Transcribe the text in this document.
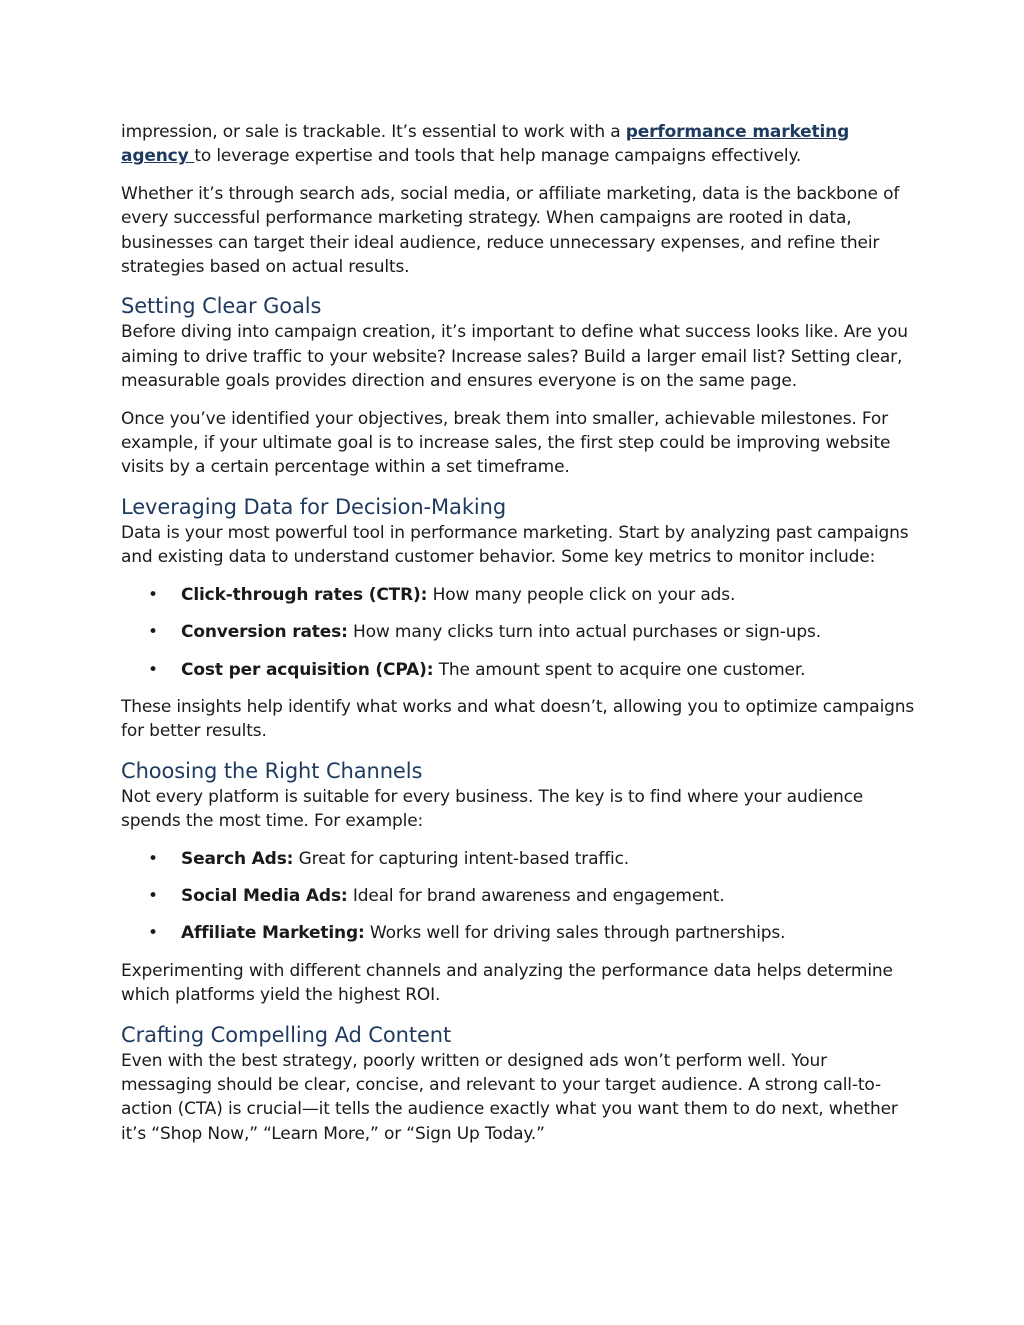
impression, or sale is trackable. It’s essential to work with a performance marketing agency to leverage expertise and tools that help manage campaigns effectively.

Whether it’s through search ads, social media, or affiliate marketing, data is the backbone of every successful performance marketing strategy. When campaigns are rooted in data, businesses can target their ideal audience, reduce unnecessary expenses, and refine their strategies based on actual results.

Setting Clear Goals

Before diving into campaign creation, it’s important to define what success looks like. Are you aiming to drive traffic to your website? Increase sales? Build a larger email list? Setting clear, measurable goals provides direction and ensures everyone is on the same page.

Once you’ve identified your objectives, break them into smaller, achievable milestones. For example, if your ultimate goal is to increase sales, the first step could be improving website visits by a certain percentage within a set timeframe.

Leveraging Data for Decision-Making

Data is your most powerful tool in performance marketing. Start by analyzing past campaigns and existing data to understand customer behavior. Some key metrics to monitor include:

• Click-through rates (CTR): How many people click on your ads.
• Conversion rates: How many clicks turn into actual purchases or sign-ups.
• Cost per acquisition (CPA): The amount spent to acquire one customer.

These insights help identify what works and what doesn’t, allowing you to optimize campaigns for better results.

Choosing the Right Channels

Not every platform is suitable for every business. The key is to find where your audience spends the most time. For example:

• Search Ads: Great for capturing intent-based traffic.
• Social Media Ads: Ideal for brand awareness and engagement.
• Affiliate Marketing: Works well for driving sales through partnerships.

Experimenting with different channels and analyzing the performance data helps determine which platforms yield the highest ROI.

Crafting Compelling Ad Content

Even with the best strategy, poorly written or designed ads won’t perform well. Your messaging should be clear, concise, and relevant to your target audience. A strong call-to-action (CTA) is crucial—it tells the audience exactly what you want them to do next, whether it’s “Shop Now,” “Learn More,” or “Sign Up Today.”
